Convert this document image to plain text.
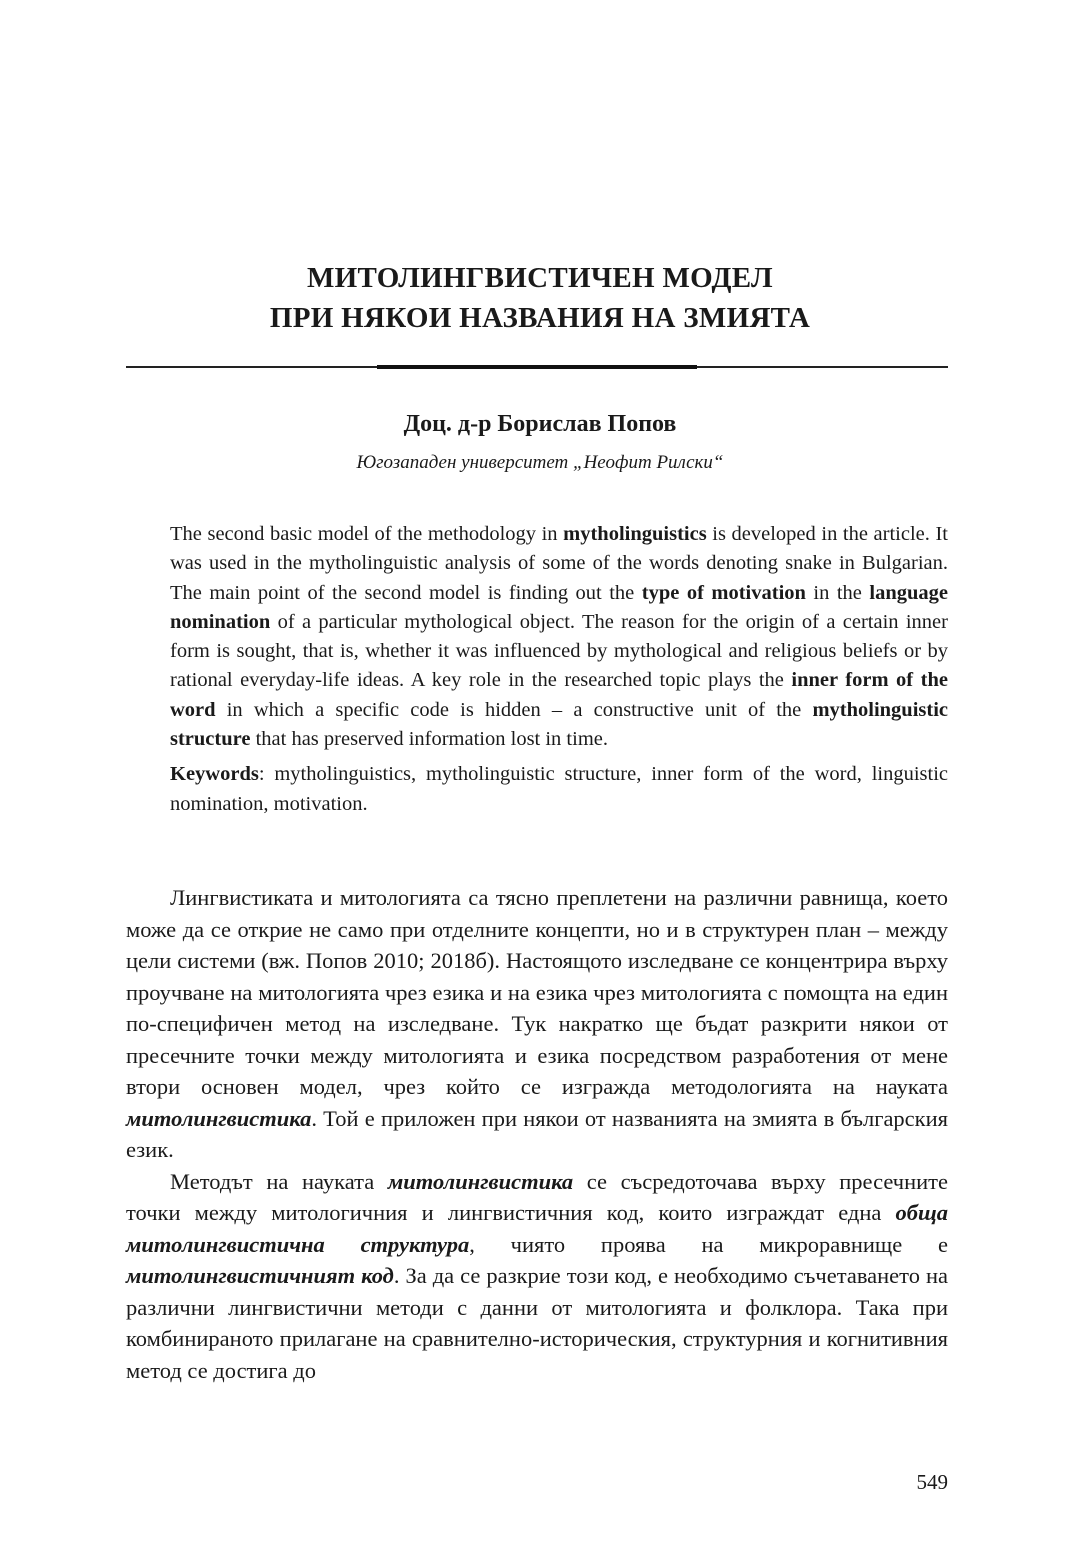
МИТОЛИНГВИСТИЧЕН МОДЕЛ
ПРИ НЯКОИ НАЗВАНИЯ НА ЗМИЯТА
Доц. д-р Борислав Попов
Югозападен университет „Неофит Рилски“

The second basic model of the methodology in mytholinguistics is developed in the article. It was used in the mytholinguistic analysis of some of the words denoting snake in Bulgarian. The main point of the second model is finding out the type of motivation in the language nomination of a particular mythological object. The reason for the origin of a certain inner form is sought, that is, whether it was influenced by mythological and religious beliefs or by rational everyday-life ideas. A key role in the researched topic plays the inner form of the word in which a specific code is hidden – a constructive unit of the mytholinguistic structure that has preserved information lost in time.

Keywords: mytholinguistics, mytholinguistic structure, inner form of the word, linguistic nomination, motivation.

Лингвистиката и митологията са тясно преплетени на различни равнища, което може да се открие не само при отделните концепти, но и в структурен план – между цели системи (вж. Попов 2010; 2018б). Настоящото изследване се концентрира върху проучване на митологията чрез езика и на езика чрез митологията с помощта на един по-специфичен метод на изследване. Тук накратко ще бъдат разкрити някои от пресечните точки между митологията и езика посредством разработения от мене втори основен модел, чрез който се изгражда методологията на науката митолингвистика. Той е приложен при някои от названията на змията в българския език.

Методът на науката митолингвистика се съсредоточава върху пресечните точки между митологичния и лингвистичния код, които изграждат една обща митолингвистична структура, чиято проява на микроравнище е митолингвистичният код. За да се разкрие този код, е необходимо съчетаването на различни лингвистични методи с данни от митологията и фолклора. Така при комбинираното прилагане на сравнително-историческия, структурния и когнитивния метод се достига до

549
